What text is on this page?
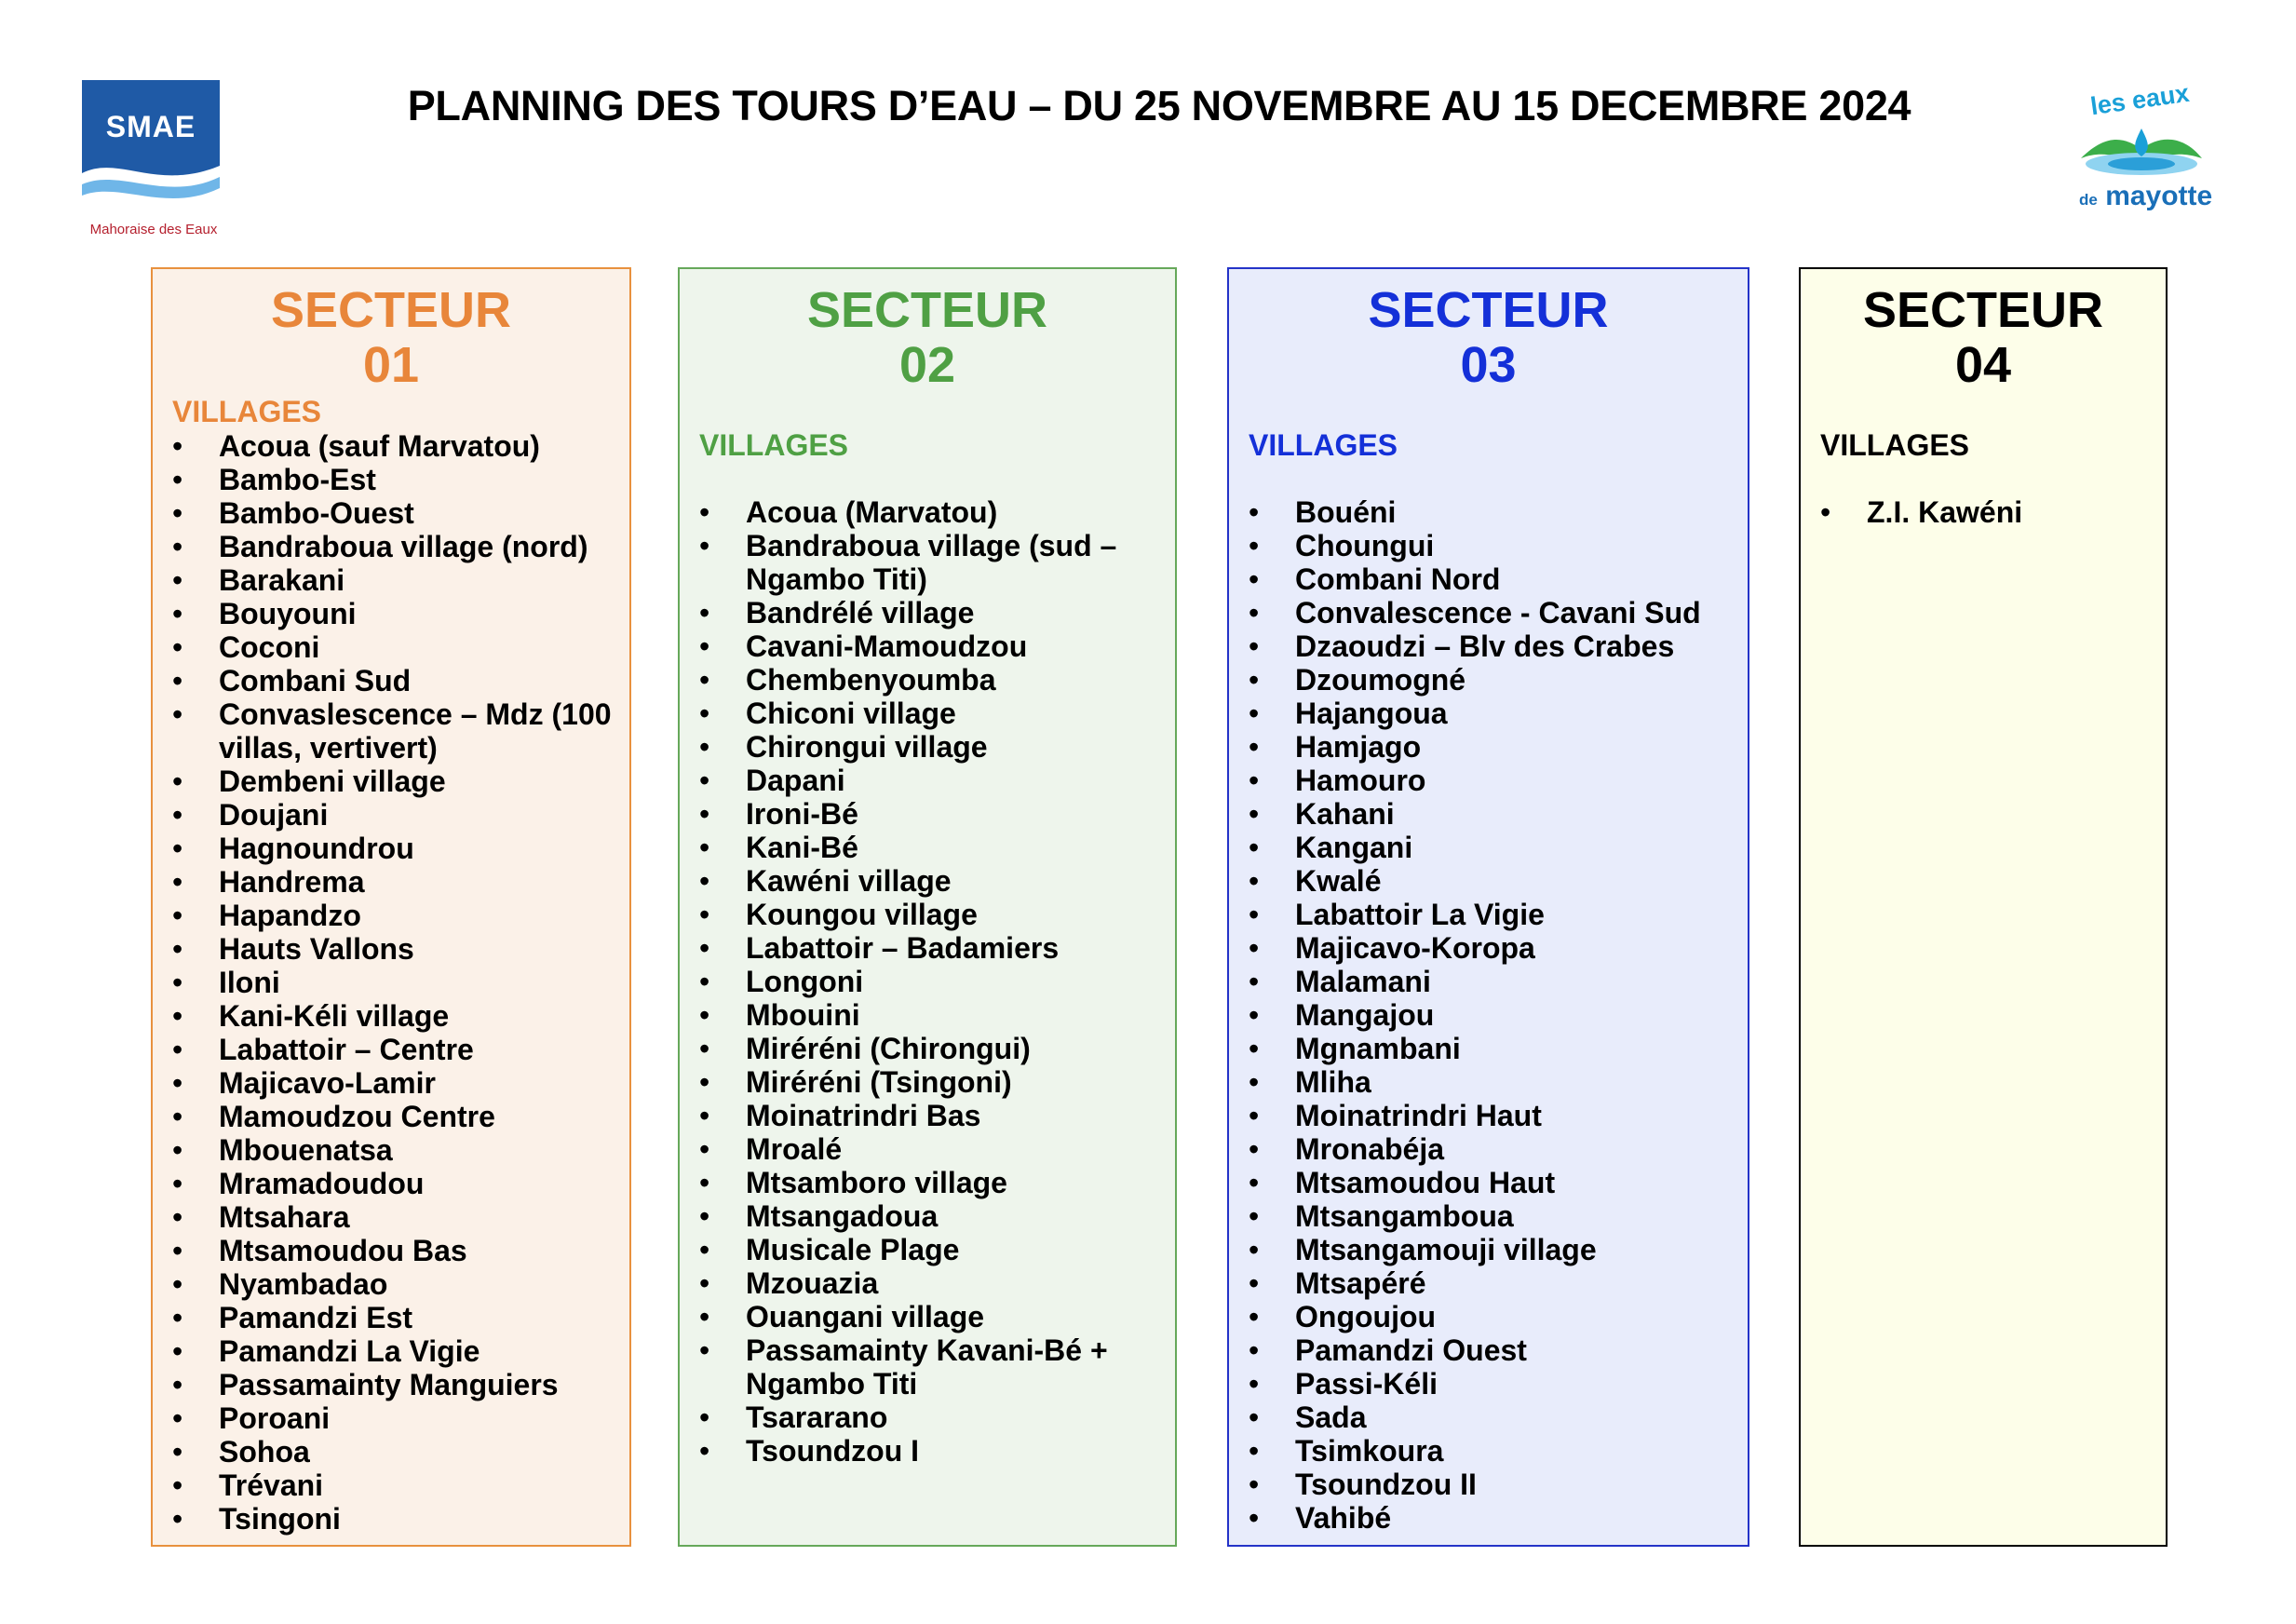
SMAE
Mahoraise des Eaux
PLANNING DES TOURS D’EAU – DU 25 NOVEMBRE AU 15 DECEMBRE 2024	les eaux
de mayotte
SECTEUR
01
VILLAGES
• Acoua (sauf Marvatou)
• Bambo-Est
• Bambo-Ouest
• Bandraboua village (nord)
• Barakani
• Bouyouni
• Coconi
• Combani Sud
• Convaslescence – Mdz (100 villas, vertivert)
• Dembeni village
• Doujani
• Hagnoundrou
• Handrema
• Hapandzo
• Hauts Vallons
• Iloni
• Kani-Kéli village
• Labattoir – Centre
• Majicavo-Lamir
• Mamoudzou Centre
• Mbouenatsa
• Mramadoudou
• Mtsahara
• Mtsamoudou Bas
• Nyambadao
• Pamandzi Est
• Pamandzi La Vigie
• Passamainty Manguiers
• Poroani
• Sohoa
• Trévani
• Tsingoni
SECTEUR
02
VILLAGES
• Acoua (Marvatou)
• Bandraboua village (sud – Ngambo Titi)
• Bandrélé village
• Cavani-Mamoudzou
• Chembenyoumba
• Chiconi village
• Chirongui village
• Dapani
• Ironi-Bé
• Kani-Bé
• Kawéni village
• Koungou village
• Labattoir – Badamiers
• Longoni
• Mbouini
• Miréréni (Chirongui)
• Miréréni (Tsingoni)
• Moinatrindri Bas
• Mroalé
• Mtsamboro village
• Mtsangadoua
• Musicale Plage
• Mzouazia
• Ouangani village
• Passamainty Kavani-Bé + Ngambo Titi
• Tsararano
• Tsoundzou I
SECTEUR
03
VILLAGES
• Bouéni
• Choungui
• Combani Nord
• Convalescence - Cavani Sud
• Dzaoudzi – Blv des Crabes
• Dzoumogné
• Hajangoua
• Hamjago
• Hamouro
• Kahani
• Kangani
• Kwalé
• Labattoir La Vigie
• Majicavo-Koropa
• Malamani
• Mangajou
• Mgnambani
• Mliha
• Moinatrindri Haut
• Mronabéja
• Mtsamoudou Haut
• Mtsangamboua
• Mtsangamouji village
• Mtsapéré
• Ongoujou
• Pamandzi Ouest
• Passi-Kéli
• Sada
• Tsimkoura
• Tsoundzou II
• Vahibé
SECTEUR
04
VILLAGES
• Z.I. Kawéni
